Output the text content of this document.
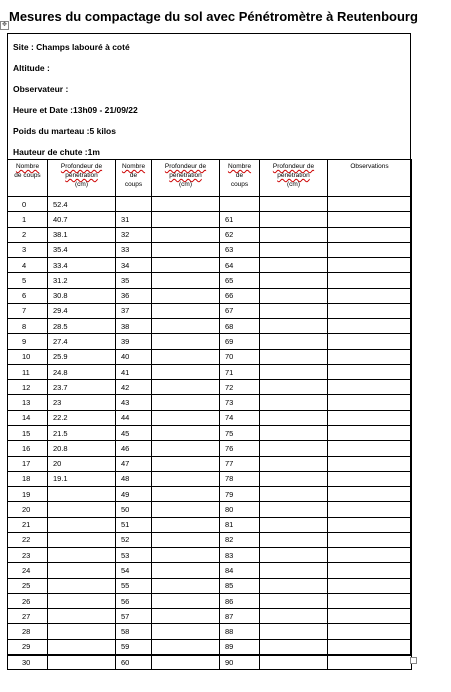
Mesures du compactage du sol avec Pénétromètre à Reutenbourg
✥
Site : Champs labouré à coté
Altitude :
Observateur :
Heure et Date :13h09 - 21/09/22
Poids du marteau :5 kilos
Hauteur de chute :1m
Nombre
de coups	Profondeur de
pénétration
(cm)	Nombre
de
coups	Profondeur de
pénétration
(cm)	Nombre
de
coups	Profondeur de
pénétration
(cm)	Observations
0	52.4					
1	40.7	31		61		
2	38.1	32		62		
3	35.4	33		63		
4	33.4	34		64		
5	31.2	35		65		
6	30.8	36		66		
7	29.4	37		67		
8	28.5	38		68		
9	27.4	39		69		
10	25.9	40		70		
11	24.8	41		71		
12	23.7	42		72		
13	23	43		73		
14	22.2	44		74		
15	21.5	45		75		
16	20.8	46		76		
17	20	47		77		
18	19.1	48		78		
19		49		79		
20		50		80		
21		51		81		
22		52		82		
23		53		83		
24		54		84		
25		55		85		
26		56		86		
27		57		87		
28		58		88		
29		59		89		
30		60		90		
